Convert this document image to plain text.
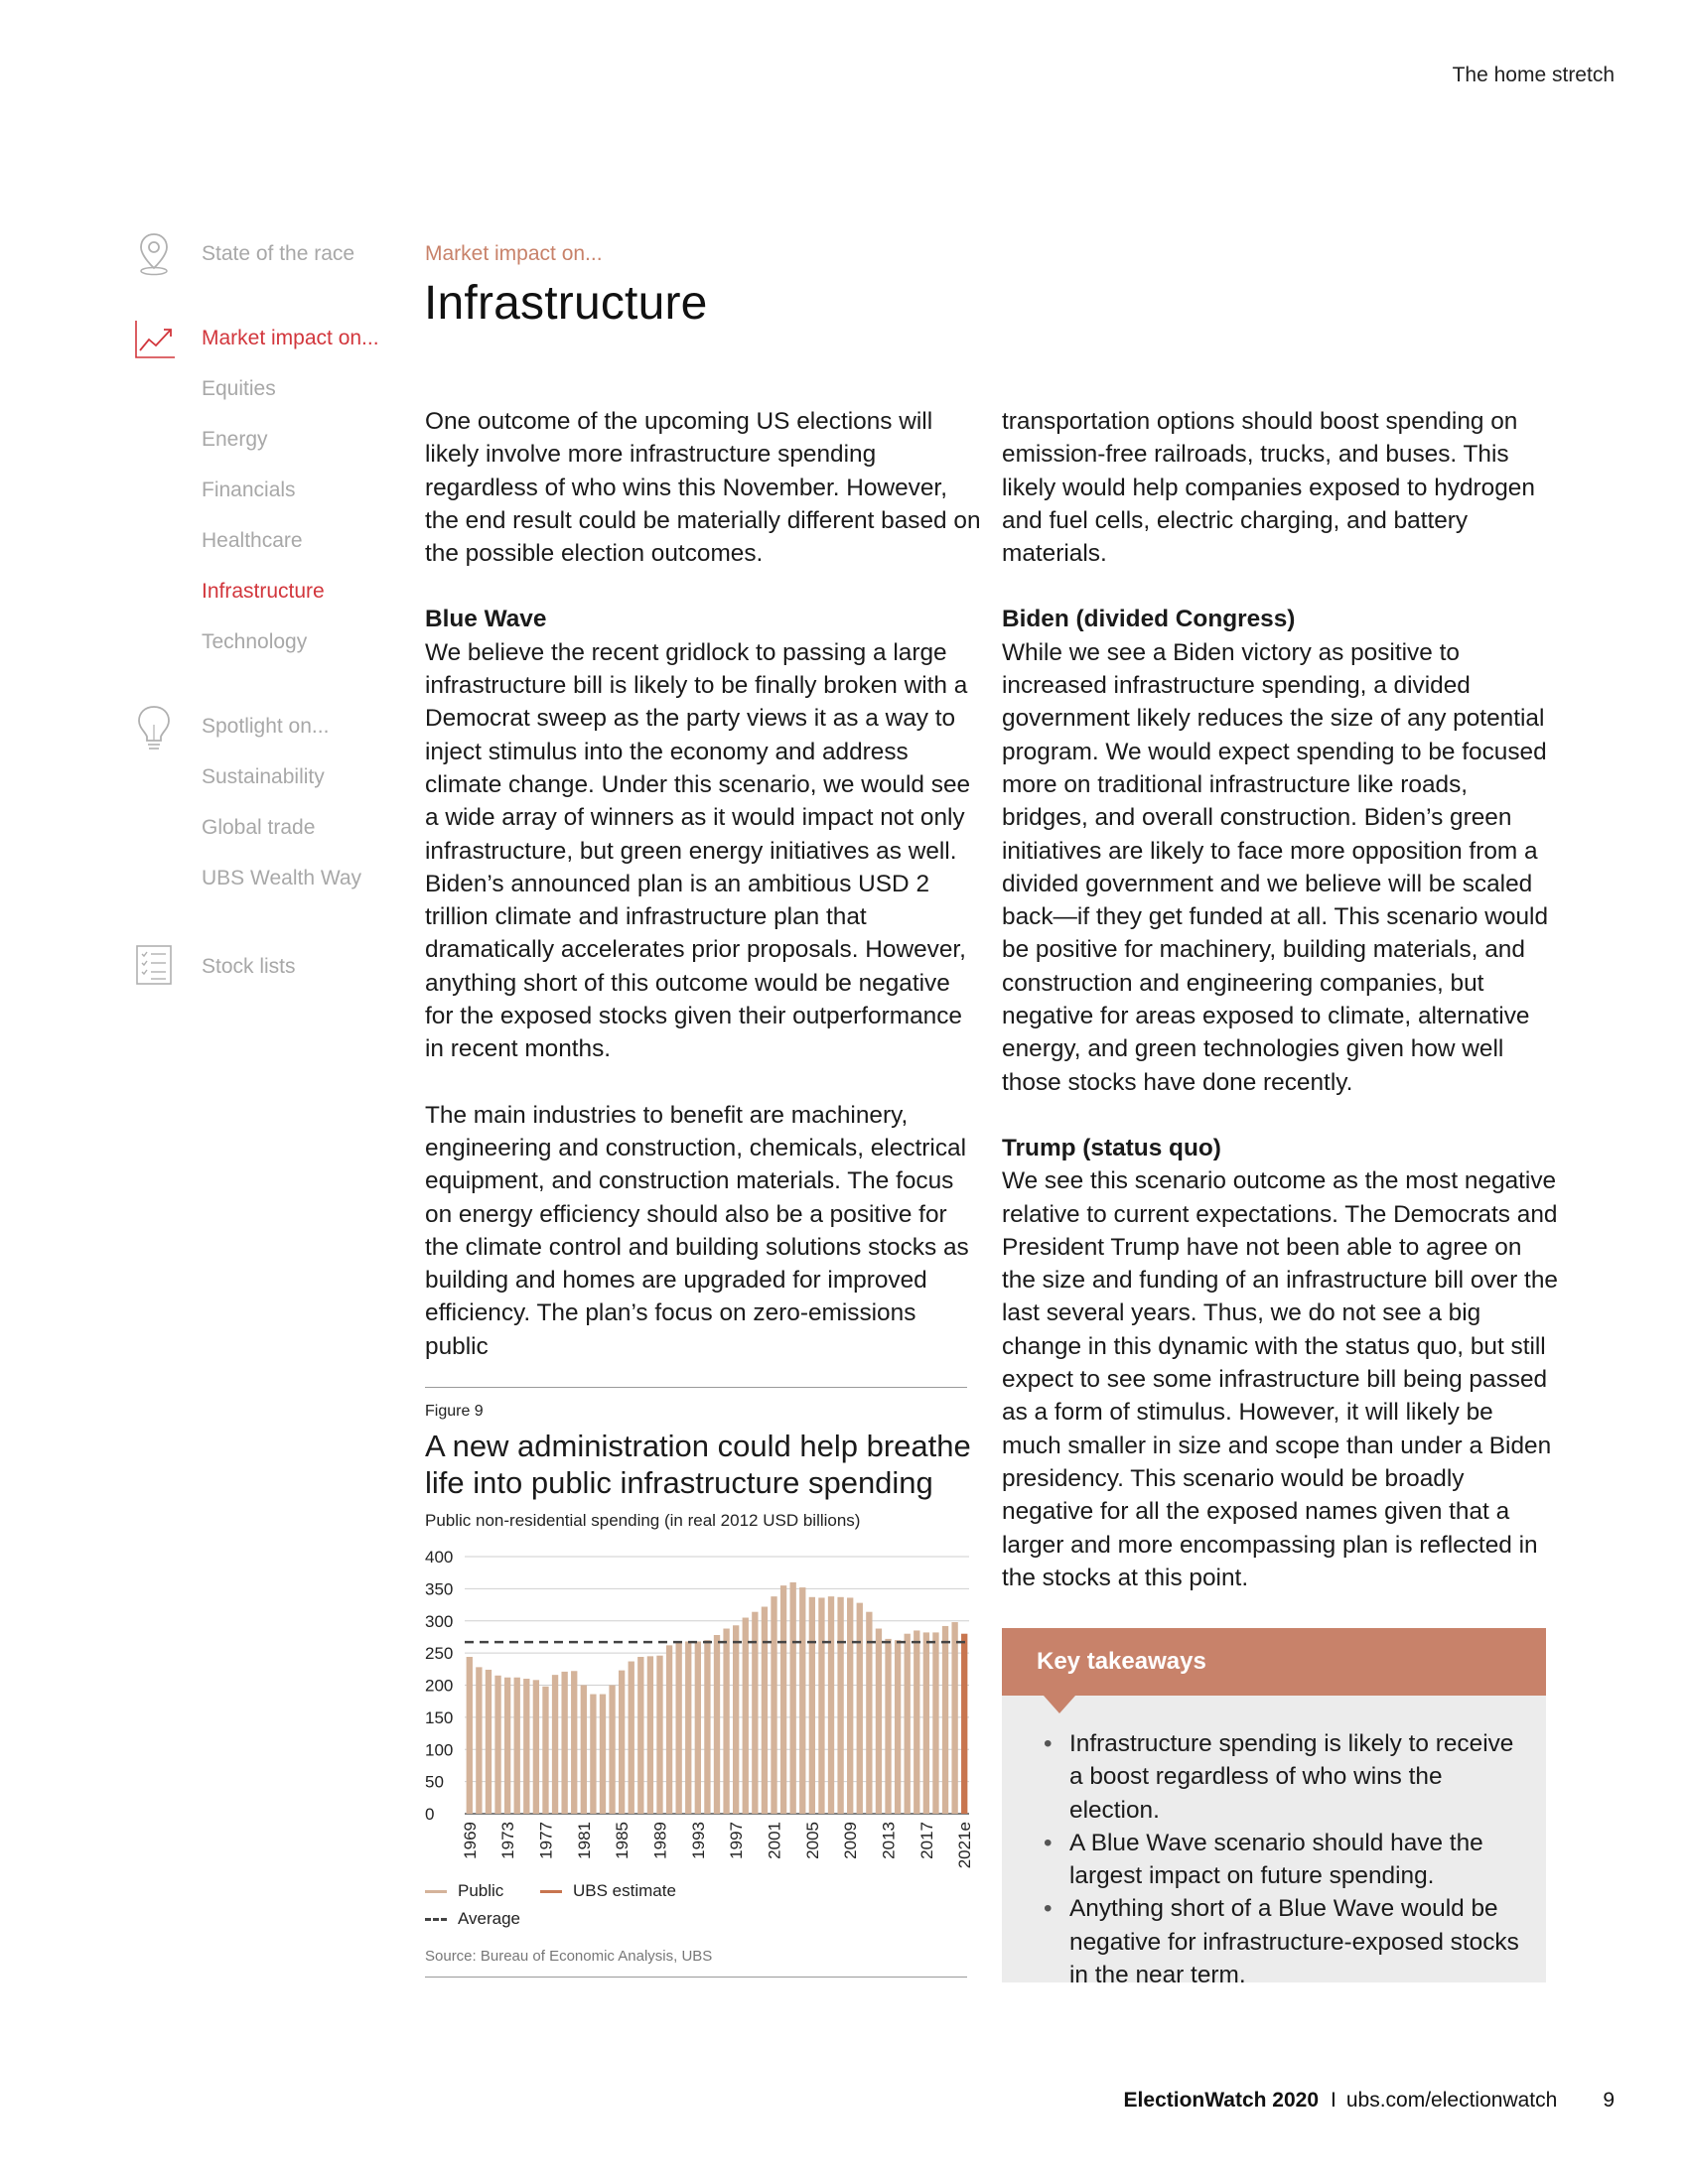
The home stretch
State of the race
Market impact on...
Equities
Energy
Financials
Healthcare
Infrastructure
Technology
Spotlight on...
Sustainability
Global trade
UBS Wealth Way
Stock lists
Market impact on...
Infrastructure

One outcome of the upcoming US elections will likely involve more infrastructure spending regardless of who wins this November. However, the end result could be materially different based on the possible election outcomes.

Blue Wave

We believe the recent gridlock to passing a large infrastructure bill is likely to be finally broken with a Democrat sweep as the party views it as a way to inject stimulus into the economy and address climate change. Under this scenario, we would see a wide array of winners as it would impact not only infrastructure, but green energy initiatives as well. Biden’s announced plan is an ambitious USD 2 trillion climate and infrastructure plan that dramatically accelerates prior proposals. However, anything short of this outcome would be negative for the exposed stocks given their outperformance in recent months.

The main industries to benefit are machinery, engineering and construction, chemicals, electrical equipment, and construction materials. The focus on energy efficiency should also be a positive for the climate control and building solutions stocks as building and homes are upgraded for improved efficiency. The plan’s focus on zero-emissions public

transportation options should boost spending on emission-free railroads, trucks, and buses. This likely would help companies exposed to hydrogen and fuel cells, electric charging, and battery materials.

Biden (divided Congress)

While we see a Biden victory as positive to increased infrastructure spending, a divided government likely reduces the size of any potential program. We would expect spending to be focused more on traditional infrastructure like roads, bridges, and overall construction. Biden’s green initiatives are likely to face more opposition from a divided government and we believe will be scaled back—if they get funded at all. This scenario would be positive for machinery, building materials, and construction and engineering companies, but negative for areas exposed to climate, alternative energy, and green technologies given how well those stocks have done recently.

Trump (status quo)

We see this scenario outcome as the most negative relative to current expectations. The Democrats and President Trump have not been able to agree on the size and funding of an infrastructure bill over the last several years. Thus, we do not see a big change in this dynamic with the status quo, but still expect to see some infrastructure bill being passed as a form of stimulus. However, it will likely be much smaller in size and scope than under a Biden presidency. This scenario would be broadly negative for all the exposed names given that a larger and more encompassing plan is reflected in the stocks at this point.

Figure 9
A new administration could help breathe life into public infrastructure spending
Public non-residential spending (in real 2012 USD billions)
0
50
100
150
200
250
300
350
400
1969 1973 1977 1981 1985 1989 1993 1997 2001 2005 2009 2013 2017 2021e
Public	UBS estimate
Average
Source: Bureau of Economic Analysis, UBS
Key takeaways
• Infrastructure spending is likely to receive a boost regardless of who wins the election.
• A Blue Wave scenario should have the largest impact on future spending.
• Anything short of a Blue Wave would be negative for infrastructure-exposed stocks in the near term.
ElectionWatch 2020 I ubs.com/electionwatch 9
